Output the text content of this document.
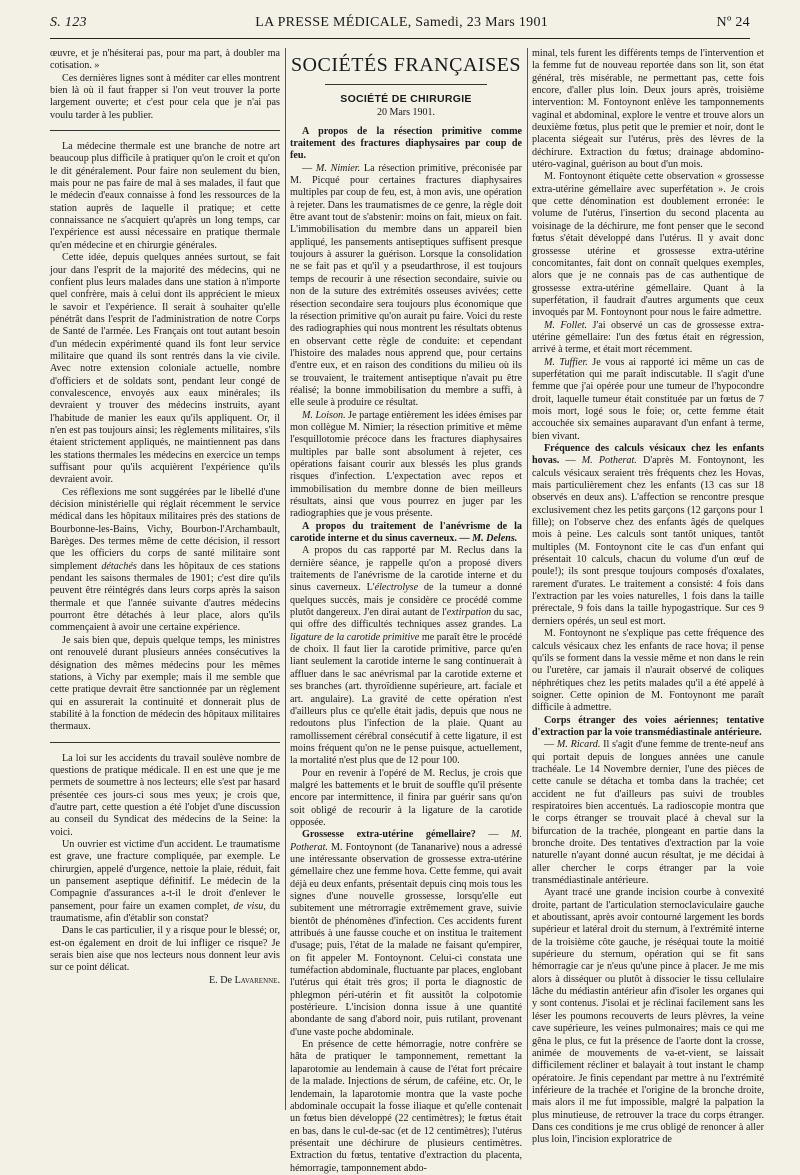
S. 123	LA PRESSE MÉDICALE, Samedi, 23 Mars 1901	Nº 24

œuvre, et je n'hésiterai pas, pour ma part, à doubler ma cotisation. »

Ces dernières lignes sont à méditer car elles montrent bien là où il faut frapper si l'on veut trouver la porte largement ouverte; et c'est pour cela que je n'ai pas voulu tarder à les publier.

La médecine thermale est une branche de notre art beaucoup plus difficile à pratiquer qu'on le croit et qu'on le dit généralement. Pour faire non seulement du bien, mais pour ne pas faire de mal à ses malades, il faut que le médecin d'eaux connaisse à fond les ressources de la station auprès de laquelle il pratique; et cette connaissance ne s'acquiert qu'après un long temps, car l'expérience est aussi nécessaire en pratique thermale qu'en médecine et en chirurgie générales.

Cette idée, depuis quelques années surtout, se fait jour dans l'esprit de la majorité des médecins, qui ne confient plus leurs malades dans une station à n'importe quel confrère, mais à celui dont ils apprécient le mieux le savoir et l'expérience. Il serait à souhaiter qu'elle pénétrât dans l'esprit de l'administration de notre Corps de Santé de l'armée. Les Français ont tout autant besoin d'un médecin expérimenté quand ils font leur service militaire que quand ils sont rentrés dans la vie civile. Avec notre extension coloniale actuelle, nombre d'officiers et de soldats sont, pendant leur congé de convalescence, envoyés aux eaux minérales; ils devraient y trouver des médecins instruits, ayant l'habitude de manier les eaux qu'ils appliquent. Or, il n'en est pas toujours ainsi; les règlements militaires, s'ils étaient strictement appliqués, ne maintiennent pas dans les stations thermales les médecins en exercice un temps suffisant pour qu'ils acquièrent l'expérience qu'ils devraient avoir.

Ces réflexions me sont suggérées par le libellé d'une décision ministérielle qui réglait récemment le service médical dans les hôpitaux militaires près des stations de Bourbonne-les-Bains, Vichy, Bourbon-l'Archambault, Barèges. Des termes même de cette décision, il ressort que les officiers du corps de santé militaire sont simplement détachés dans les hôpitaux de ces stations pendant les saisons thermales de 1901; c'est dire qu'ils peuvent être réintégrés dans leurs corps après la saison thermale et que l'année suivante d'autres médecins pourront être détachés à leur place, alors qu'ils commençaient à avoir une certaine expérience.

Je sais bien que, depuis quelque temps, les ministres ont renouvelé durant plusieurs années consécutives la désignation des mêmes médecins pour les mêmes stations, à Vichy par exemple; mais il me semble que cette pratique devrait être sanctionnée par un règlement qui en assurerait la continuité et donnerait plus de stabilité à la fonction de médecin des hôpitaux militaires thermaux.

La loi sur les accidents du travail soulève nombre de questions de pratique médicale. Il en est une que je me permets de soumettre à nos lecteurs; elle s'est par hasard présentée ces jours-ci sous mes yeux; je crois que, d'autre part, cette question a été l'objet d'une discussion au conseil du Syndicat des médecins de la Seine: la voici.

Un ouvrier est victime d'un accident. Le traumatisme est grave, une fracture compliquée, par exemple. Le chirurgien, appelé d'urgence, nettoie la plaie, réduit, fait un pansement aseptique définitif. Le médecin de la Compagnie d'assurances a-t-il le droit d'enlever le pansement, pour faire un examen complet, de visu, du traumatisme, afin d'établir son constat?

Dans le cas particulier, il y a risque pour le blessé; or, est-on également en droit de lui infliger ce risque? Je serais bien aise que nos lecteurs nous donnent leur avis sur ce point délicat.

E. De Lavarenne.

SOCIÉTÉS FRANÇAISES
SOCIÉTÉ DE CHIRURGIE
20 Mars 1901.

A propos de la résection primitive comme traitement des fractures diaphysaires par coup de feu.

— M. Nimier. La résection primitive, préconisée par M. Picqué pour certaines fractures diaphysaires multiples par coup de feu, est, à mon avis, une opération à rejeter. Dans les traumatismes de ce genre, la règle doit être avant tout de s'abstenir: moins on fait, mieux on fait. L'immobilisation du membre dans un appareil bien appliqué, les pansements antiseptiques suffisent presque toujours à assurer la guérison. Lorsque la consolidation ne se fait pas et qu'il y a pseudarthrose, il est toujours temps de recourir à une résection secondaire, suivie ou non de la suture des extrémités osseuses avivées; cette résection secondaire sera toujours plus économique que la résection primitive qu'on aurait pu faire. Voici du reste des radiographies qui nous montrent les résultats obtenus en observant cette règle de conduite: et cependant l'histoire des malades nous apprend que, pour certains d'entre eux, et en raison des conditions du milieu où ils se trouvaient, le traitement antiseptique n'avait pu être réalisé; la bonne immobilisation du membre a suffi, à elle seule à produire ce résultat.

M. Loison. Je partage entièrement les idées émises par mon collègue M. Nimier; la résection primitive et même l'esquillotomie précoce dans les fractures diaphysaires multiples par balle sont absolument à rejeter, ces opérations faisant courir aux blessés les plus grands risques d'infection. L'expectation avec repos et immobilisation du membre donne de bien meilleurs résultats, ainsi que vous pourrez en juger par les radiographies que je vous présente.

A propos du traitement de l'anévrisme de la carotide interne et du sinus caverneux. — M. Delens.

A propos du cas rapporté par M. Reclus dans la dernière séance, je rappelle qu'on a proposé divers traitements de l'anévrisme de la carotide interne et du sinus caverneux. L'électrolyse de la tumeur a donné quelques succès, mais je considère ce procédé comme plutôt dangereux. J'en dirai autant de l'extirpation du sac, qui offre des difficultés techniques assez grandes. La ligature de la carotide primitive me paraît être le procédé de choix. Il faut lier la carotide primitive, parce qu'en liant seulement la carotide interne le sang continuerait à affluer dans le sac anévrismal par la carotide externe et ses branches (art. thyroïdienne supérieure, art. faciale et art. angulaire). La gravité de cette opération n'est d'ailleurs plus ce qu'elle était jadis, depuis que nous ne redoutons plus l'infection de la plaie. Quant au ramollissement cérébral consécutif à cette ligature, il est moins fréquent qu'on ne le pense puisque, actuellement, la mortalité n'est plus que de 12 pour 100.

Pour en revenir à l'opéré de M. Reclus, je crois que malgré les battements et le bruit de souffle qu'il présente encore par intermittence, il finira par guérir sans qu'on soit obligé de recourir à la ligature de la carotide opposée.

Grossesse extra-utérine gémellaire? — M. Potherat. M. Fontoynont (de Tananarive) nous a adressé une intéressante observation de grossesse extra-utérine gémellaire chez une femme hova. Cette femme, qui avait déjà eu deux enfants, présentait depuis cinq mois tous les signes d'une nouvelle grossesse, lorsqu'elle eut subitement une métrorragie extrêmement grave, suivie bientôt de phénomènes d'infection. Ces accidents furent attribués à une fausse couche et on institua le traitement d'usage; puis, l'état de la malade ne faisant qu'empirer, on fit appeler M. Fontoynont. Celui-ci constata une tuméfaction abdominale, fluctuante par places, englobant l'utérus qui était très gros; il porta le diagnostic de phlegmon péri-utérin et fit aussitôt la colpotomie postérieure. L'incision donna issue à une quantité abondante de sang d'abord noir, puis rutilant, provenant d'une vaste poche abdominale.

En présence de cette hémorragie, notre confrère se hâta de pratiquer le tamponnement, remettant la laparotomie au lendemain à cause de l'état fort précaire de la malade. Injections de sérum, de caféine, etc. Or, le lendemain, la laparotomie montra que la vaste poche abdominale occupait la fosse iliaque et qu'elle contenait un fœtus bien développé (22 centimètres); le fœtus était en bas, dans le cul-de-sac (et de 12 centimètres); l'utérus présentait une déchirure de plusieurs centimètres. Extraction du fœtus, tentative d'extraction du placenta, hémorragie, tamponnement abdo-

minal, tels furent les différents temps de l'intervention et la femme fut de nouveau reportée dans son lit, son état général, très misérable, ne permettant pas, cette fois encore, d'aller plus loin. Deux jours après, troisième intervention: M. Fontoynont enlève les tamponnements vaginal et abdominal, explore le ventre et trouve alors un deuxième fœtus, plus petit que le premier et noir, dont le placenta siégeait sur l'utérus, près des lèvres de la déchirure. Extraction du fœtus; drainage abdomino-utéro-vaginal, guérison au bout d'un mois.

M. Fontoynont étiquète cette observation « grossesse extra-utérine gémellaire avec superfétation ». Je crois que cette dénomination est doublement erronée: le volume de l'utérus, l'insertion du second placenta au voisinage de la déchirure, me font penser que le second fœtus s'était développé dans l'utérus. Il y avait donc grossesse utérine et grossesse extra-utérine concomitantes, fait dont on connaît quelques exemples, alors que je ne connais pas de cas authentique de grossesse extra-utérine gémellaire. Quant à la superfétation, il faudrait d'autres arguments que ceux invoqués par M. Fontoynont pour nous le faire admettre.

M. Follet. J'ai observé un cas de grossesse extra-utérine gémellaire: l'un des fœtus était en régression, arrivé à terme, et était mort récemment.

M. Tuffier. Je vous ai rapporté ici même un cas de superfétation qui me paraît indiscutable. Il s'agit d'une femme que j'ai opérée pour une tumeur de l'hypocondre droit, laquelle tumeur était constituée par un fœtus de 7 mois mort, logé sous le foie; or, cette femme était accouchée six semaines auparavant d'un enfant à terme, bien vivant.

Fréquence des calculs vésicaux chez les enfants hovas. — M. Potherat. D'après M. Fontoynont, les calculs vésicaux seraient très fréquents chez les Hovas, mais particulièrement chez les enfants (13 cas sur 18 observés en deux ans). L'affection se rencontre presque exclusivement chez les petits garçons (12 garçons pour 1 fille); on l'observe chez des enfants âgés de quelques mois à peine. Les calculs sont tantôt uniques, tantôt multiples (M. Fontoynont cite le cas d'un enfant qui présentait 10 calculs, chacun du volume d'un œuf de poule!); ils sont presque toujours composés d'oxalates, rarement d'urates. Le traitement a consisté: 4 fois dans l'extraction par les voies naturelles, 1 fois dans la taille prérectale, 9 fois dans la taille hypogastrique. Sur ces 9 derniers opérés, un seul est mort.

M. Fontoynont ne s'explique pas cette fréquence des calculs vésicaux chez les enfants de race hova; il pense qu'ils se forment dans la vessie même et non dans le rein ou l'uretère, car jamais il n'aurait observé de coliques néphrétiques chez les petits malades qu'il a été appelé à soigner. Cette opinion de M. Fontoynont me paraît difficile à admettre.

Corps étranger des voies aériennes; tentative d'extraction par la voie transmédiastinale antérieure.

— M. Ricard. Il s'agit d'une femme de trente-neuf ans qui portait depuis de longues années une canule trachéale. Le 14 Novembre dernier, l'une des pièces de cette canule se détacha et tomba dans la trachée; cet accident ne fut d'ailleurs pas suivi de troubles respiratoires bien accentués. La radioscopie montra que le corps étranger se trouvait placé à cheval sur la bifurcation de la trachée, plongeant en partie dans la bronche droite. Des tentatives d'extraction par la voie naturelle n'ayant donné aucun résultat, je me décidai à aller chercher le corps étranger par la voie transmédiastinale antérieure.

Ayant tracé une grande incision courbe à convexité droite, partant de l'articulation sternoclaviculaire gauche et aboutissant, après avoir contourné largement les bords supérieur et latéral droit du sternum, à l'extrémité interne de la troisième côte gauche, je réséquai toute la moitié supérieure du sternum, opération qui se fit sans hémorragie car je n'eus qu'une pince à placer. Je me mis alors à disséquer ou plutôt à dissocier le tissu cellulaire lâche du médiastin antérieur afin d'isoler les organes qui y sont contenus. J'isolai et je réclinai facilement sans les léser les poumons recouverts de leurs plèvres, la veine cave supérieure, les veines pulmonaires; mais ce qui me gêna le plus, ce fut la présence de l'aorte dont la crosse, animée de mouvements de va-et-vient, se laissait difficilement récliner et balayait à tout instant le champ opératoire. Je finis cependant par mettre à nu l'extrémité inférieure de la trachée et l'origine de la bronche droite, mais alors il me fut impossible, malgré la palpation la plus minutieuse, de retrouver la trace du corps étranger. Dans ces conditions je me crus obligé de renoncer à aller plus loin, l'incision exploratrice de
